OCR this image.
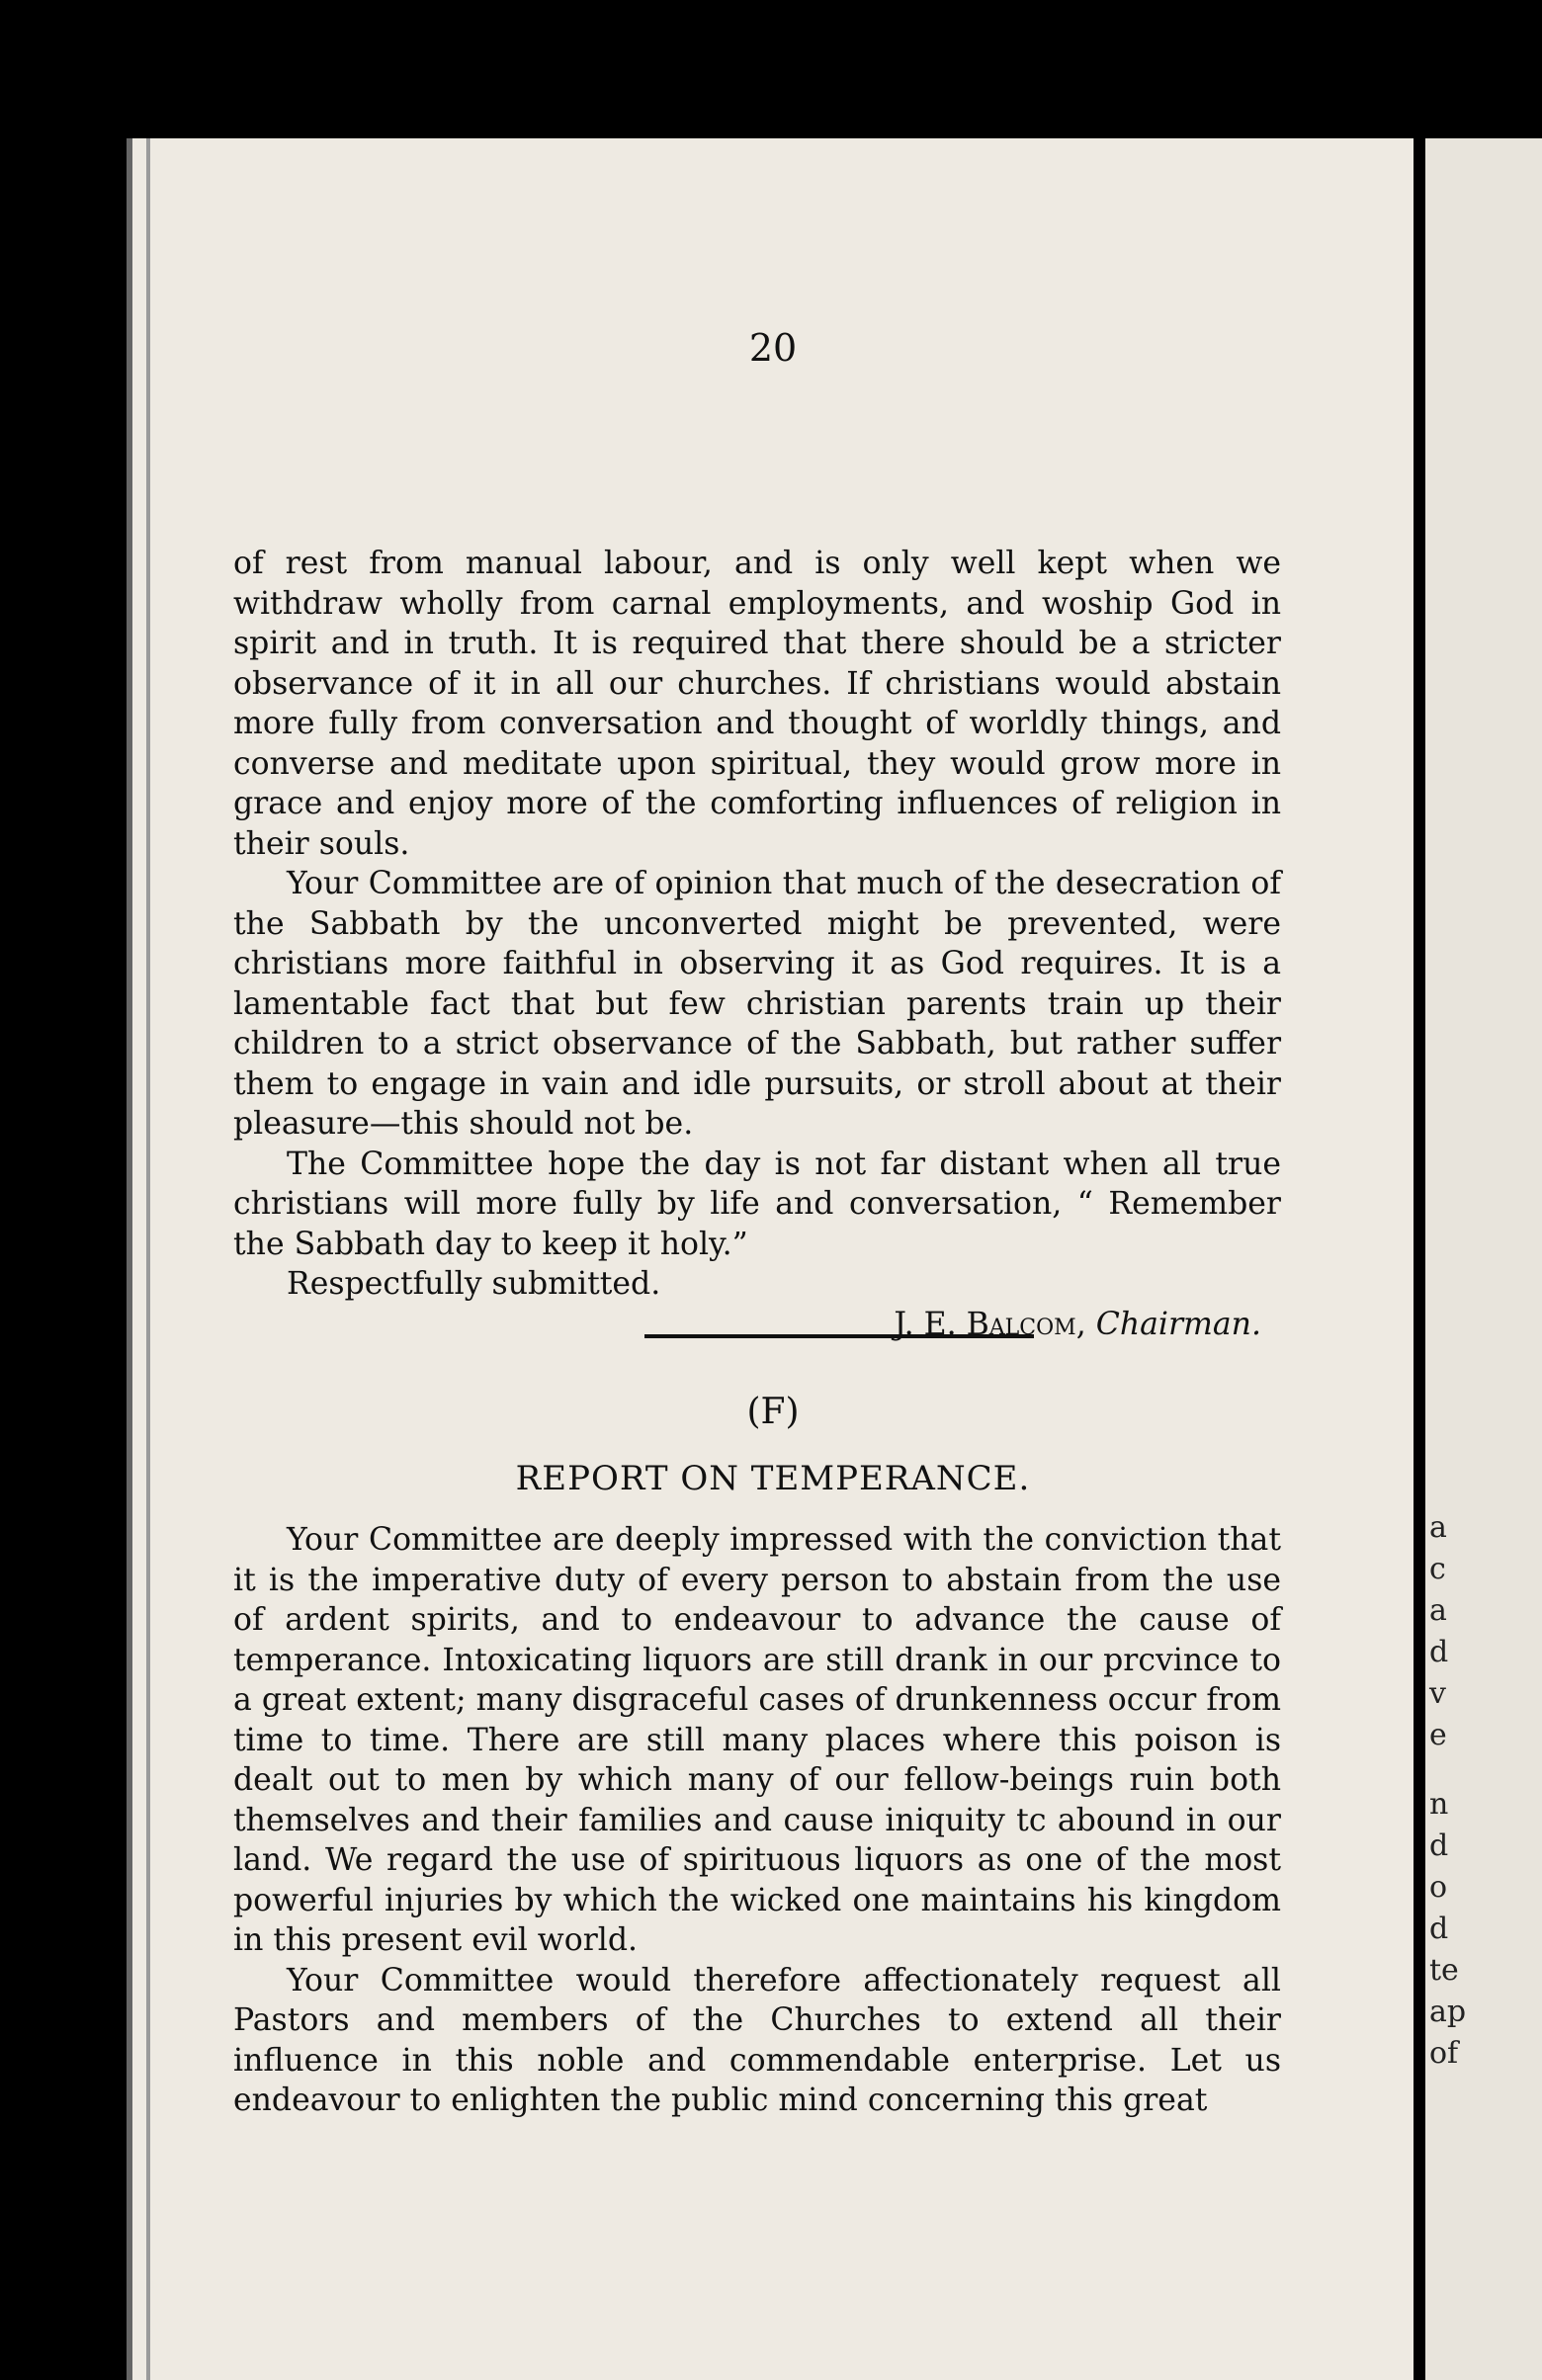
20

of rest from manual labour, and is only well kept when we withdraw wholly from carnal employments, and woship God in spirit and in truth. It is required that there should be a stricter observance of it in all our churches. If christians would abstain more fully from conversation and thought of worldly things, and converse and meditate upon spiritual, they would grow more in grace and enjoy more of the comforting influences of religion in their souls.

Your Committee are of opinion that much of the desecration of the Sabbath by the unconverted might be prevented, were christians more faithful in observing it as God requires. It is a lamentable fact that but few christian parents train up their children to a strict observance of the Sabbath, but rather suffer them to engage in vain and idle pursuits, or stroll about at their pleasure—this should not be.

The Committee hope the day is not far distant when all true christians will more fully by life and conversation, “ Remember the Sabbath day to keep it holy.”

Respectfully submitted.

J. E. Balcom, Chairman.

(F)
REPORT ON TEMPERANCE.

Your Committee are deeply impressed with the conviction that it is the imperative duty of every person to abstain from the use of ardent spirits, and to endeavour to advance the cause of temperance. Intoxicating liquors are still drank in our prcvince to a great extent; many disgraceful cases of drunkenness occur from time to time. There are still many places where this poison is dealt out to men by which many of our fellow-beings ruin both themselves and their families and cause iniquity tc abound in our land. We regard the use of spirituous liquors as one of the most powerful injuries by which the wicked one maintains his kingdom in this present evil world.

Your Committee would therefore affectionately request all Pastors and members of the Churches to extend all their influence in this noble and commendable enterprise. Let us endeavour to enlighten the public mind concerning this great

a
c
a
d
v
e
n
d
o
d
te
ap
of
